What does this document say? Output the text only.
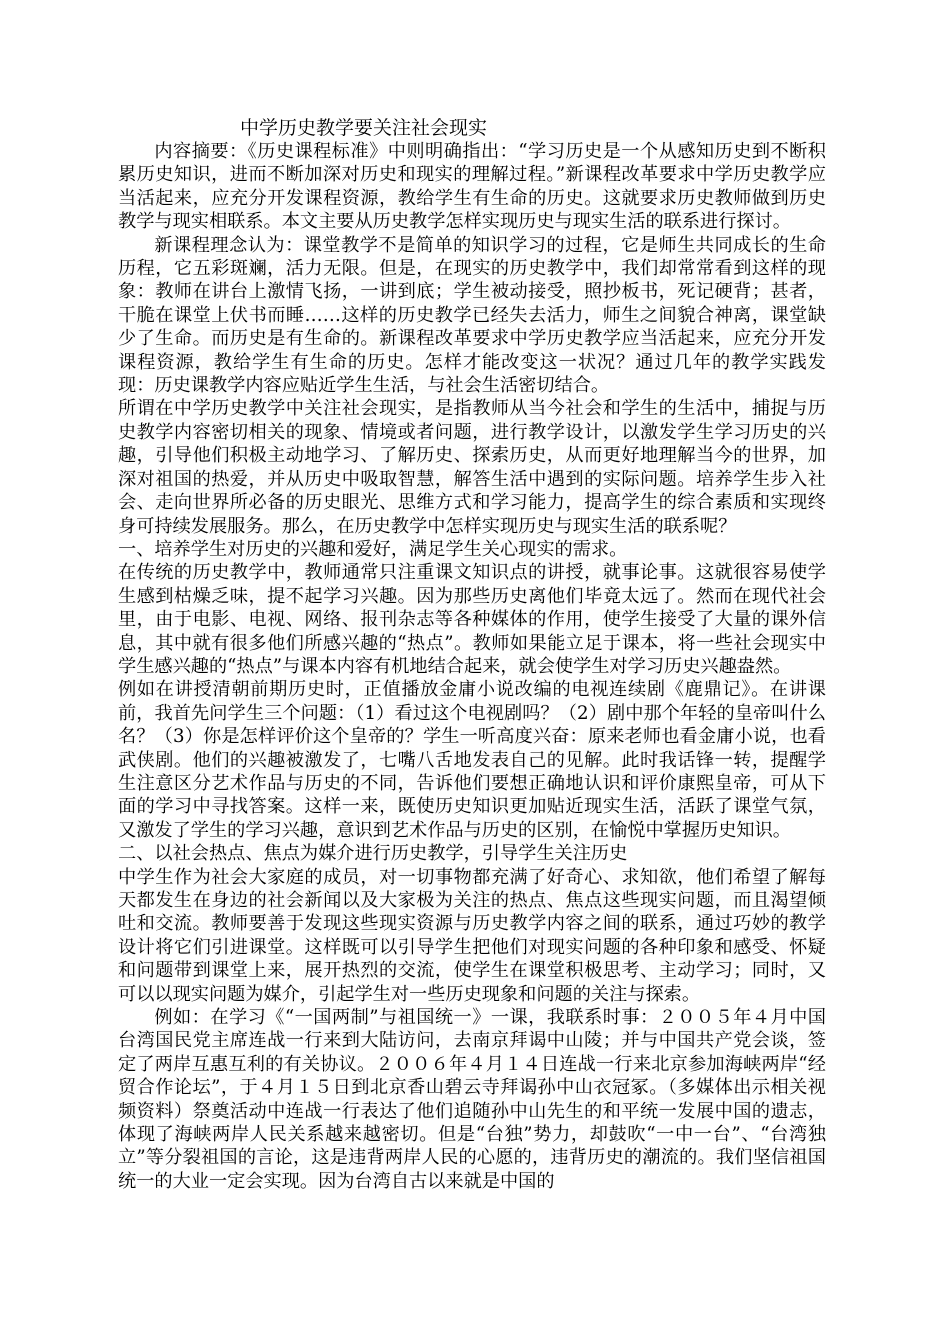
中学历史教学要关注社会现实

内容摘要：《历史课程标准》中则明确指出：“学习历史是一个从感知历史到不断积累历史知识，进而不断加深对历史和现实的理解过程。”新课程改革要求中学历史教学应当活起来，应充分开发课程资源，教给学生有生命的历史。这就要求历史教师做到历史教学与现实相联系。本文主要从历史教学怎样实现历史与现实生活的联系进行探讨。

新课程理念认为：课堂教学不是简单的知识学习的过程，它是师生共同成长的生命历程，它五彩斑斓，活力无限。但是，在现实的历史教学中，我们却常常看到这样的现象：教师在讲台上激情飞扬，一讲到底；学生被动接受，照抄板书，死记硬背；甚者，干脆在课堂上伏书而睡……这样的历史教学已经失去活力，师生之间貌合神离，课堂缺少了生命。而历史是有生命的。新课程改革要求中学历史教学应当活起来，应充分开发课程资源，教给学生有生命的历史。怎样才能改变这一状况？通过几年的教学实践发现：历史课教学内容应贴近学生生活，与社会生活密切结合。

所谓在中学历史教学中关注社会现实，是指教师从当今社会和学生的生活中，捕捉与历史教学内容密切相关的现象、情境或者问题，进行教学设计，以激发学生学习历史的兴趣，引导他们积极主动地学习、了解历史、探索历史，从而更好地理解当今的世界，加深对祖国的热爱，并从历史中吸取智慧，解答生活中遇到的实际问题。培养学生步入社会、走向世界所必备的历史眼光、思维方式和学习能力，提高学生的综合素质和实现终身可持续发展服务。那么，在历史教学中怎样实现历史与现实生活的联系呢？

一、培养学生对历史的兴趣和爱好，满足学生关心现实的需求。

在传统的历史教学中，教师通常只注重课文知识点的讲授，就事论事。这就很容易使学生感到枯燥乏味，提不起学习兴趣。因为那些历史离他们毕竟太远了。然而在现代社会里，由于电影、电视、网络、报刊杂志等各种媒体的作用，使学生接受了大量的课外信息，其中就有很多他们所感兴趣的“热点”。教师如果能立足于课本，将一些社会现实中学生感兴趣的“热点”与课本内容有机地结合起来，就会使学生对学习历史兴趣盎然。

例如在讲授清朝前期历史时，正值播放金庸小说改编的电视连续剧《鹿鼎记》。在讲课前，我首先问学生三个问题：（1）看过这个电视剧吗？（2）剧中那个年轻的皇帝叫什么名？（3）你是怎样评价这个皇帝的？学生一听高度兴奋：原来老师也看金庸小说，也看武侠剧。他们的兴趣被激发了，七嘴八舌地发表自己的见解。此时我话锋一转，提醒学生注意区分艺术作品与历史的不同，告诉他们要想正确地认识和评价康熙皇帝，可从下面的学习中寻找答案。这样一来，既使历史知识更加贴近现实生活，活跃了课堂气氛，又激发了学生的学习兴趣，意识到艺术作品与历史的区别，在愉悦中掌握历史知识。

二、以社会热点、焦点为媒介进行历史教学，引导学生关注历史

中学生作为社会大家庭的成员，对一切事物都充满了好奇心、求知欲，他们希望了解每天都发生在身边的社会新闻以及大家极为关注的热点、焦点这些现实问题，而且渴望倾吐和交流。教师要善于发现这些现实资源与历史教学内容之间的联系，通过巧妙的教学设计将它们引进课堂。这样既可以引导学生把他们对现实问题的各种印象和感受、怀疑和问题带到课堂上来，展开热烈的交流，使学生在课堂积极思考、主动学习；同时，又可以以现实问题为媒介，引起学生对一些历史现象和问题的关注与探索。

例如：在学习《“一国两制”与祖国统一》一课，我联系时事：２００５年４月中国台湾国民党主席连战一行来到大陆访问，去南京拜谒中山陵；并与中国共产党会谈，签定了两岸互惠互利的有关协议。２００６年４月１４日连战一行来北京参加海峡两岸“经贸合作论坛”，于４月１５日到北京香山碧云寺拜谒孙中山衣冠冢。（多媒体出示相关视频资料）祭奠活动中连战一行表达了他们追随孙中山先生的和平统一发展中国的遗志，体现了海峡两岸人民关系越来越密切。但是“台独”势力，却鼓吹“一中一台”、“台湾独立”等分裂祖国的言论，这是违背两岸人民的心愿的，违背历史的潮流的。我们坚信祖国统一的大业一定会实现。因为台湾自古以来就是中国的
